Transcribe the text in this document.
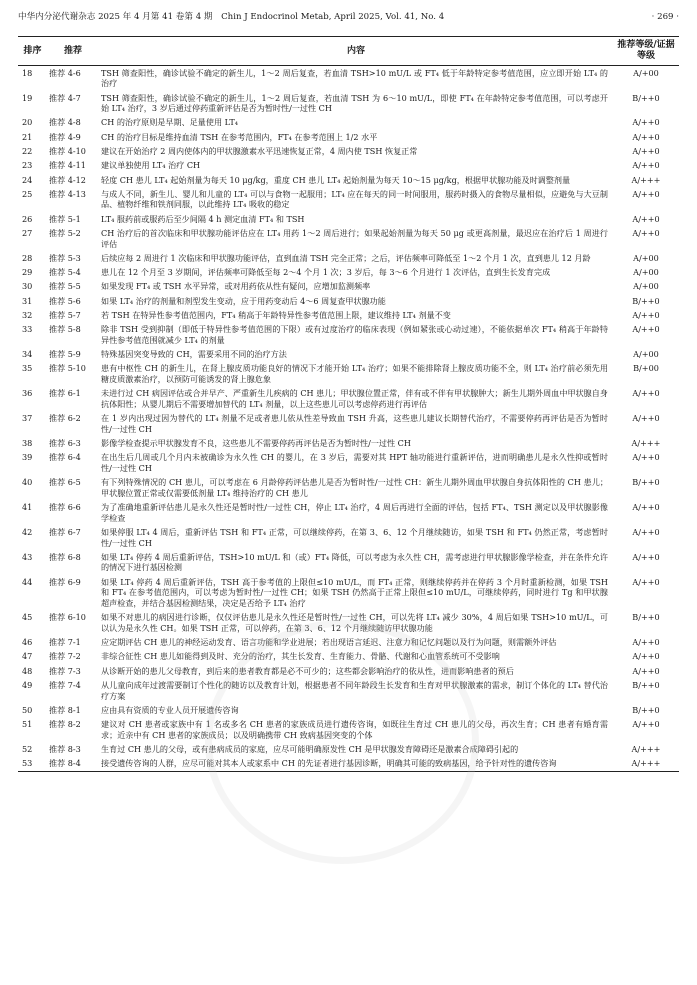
中华内分泌代谢杂志 2025 年 4 月第 41 卷第 4 期　Chin J Endocrinol Metab, April 2025, Vol. 41, No. 4	· 269 ·
排序	推荐	内容	推荐等级/证据等级
18	推荐 4-6	TSH 筛查阳性，确诊试验不确定的新生儿，1～2 周后复查，若血清 TSH>10 mU/L 或 FT₄ 低于年龄特定参考值范围，应立即开始 LT₄ 的治疗	A/+00
19	推荐 4-7	TSH 筛查阳性，确诊试验不确定的新生儿，1～2 周后复查，若血清 TSH 为 6～10 mU/L，即使 FT₄ 在年龄特定参考值范围，可以考虑开始 LT₄ 治疗，3 岁后通过停药重新评估是否为暂时性/一过性 CH	B/++0
20	推荐 4-8	CH 的治疗原则是早期、足量使用 LT₄	A/++0
21	推荐 4-9	CH 的治疗目标是维持血清 TSH 在参考范围内，FT₄ 在参考范围上 1/2 水平	A/++0
22	推荐 4-10	建议在开始治疗 2 周内使体内的甲状腺激素水平迅速恢复正常，4 周内使 TSH 恢复正常	A/++0
23	推荐 4-11	建议单独使用 LT₄ 治疗 CH	A/++0
24	推荐 4-12	轻度 CH 患儿 LT₄ 起始剂量为每天 10 μg/kg，重度 CH 患儿 LT₄ 起始剂量为每天 10～15 μg/kg，根据甲状腺功能及时调整剂量	A/+++
25	推荐 4-13	与成人不同，新生儿、婴儿和儿童的 LT₄ 可以与食物一起服用；LT₄ 应在每天的同一时间服用，服药时摄入的食物尽量相似，应避免与大豆制品、植物纤维和铁剂同服，以此维持 LT₄ 吸收的稳定	A/++0
26	推荐 5-1	LT₄ 服药前或服药后至少间隔 4 h 测定血清 FT₄ 和 TSH	A/++0
27	推荐 5-2	CH 治疗后的首次临床和甲状腺功能评估应在 LT₄ 用药 1～2 周后进行；如果起始剂量为每天 50 μg 或更高剂量，最迟应在治疗后 1 周进行评估	A/++0
28	推荐 5-3	后续应每 2 周进行 1 次临床和甲状腺功能评估，直到血清 TSH 完全正常；之后，评估频率可降低至 1～2 个月 1 次，直到患儿 12 月龄	A/+00
29	推荐 5-4	患儿在 12 个月至 3 岁期间，评估频率可降低至每 2～4 个月 1 次；3 岁后，每 3～6 个月进行 1 次评估，直到生长发育完成	A/+00
30	推荐 5-5	如果发现 FT₄ 或 TSH 水平异常，或对用药依从性有疑问，应增加监测频率	A/+00
31	推荐 5-6	如果 LT₄ 治疗的剂量和剂型发生变动，应于用药变动后 4～6 周复查甲状腺功能	B/++0
32	推荐 5-7	若 TSH 在特异性参考值范围内，FT₄ 稍高于年龄特异性参考值范围上限，建议维持 LT₄ 剂量不变	A/++0
33	推荐 5-8	除非 TSH 受到抑制（即低于特异性参考值范围的下限）或有过度治疗的临床表现（例如紧张或心动过速），不能依据单次 FT₄ 稍高于年龄特异性参考值范围就减少 LT₄ 的剂量	A/++0
34	推荐 5-9	特殊基因突变导致的 CH，需要采用不同的治疗方法	A/+00
35	推荐 5-10	患有中枢性 CH 的新生儿，在肾上腺皮质功能良好的情况下才能开始 LT₄ 治疗；如果不能排除肾上腺皮质功能不全，则 LT₄ 治疗前必须先用糖皮质激素治疗，以预防可能诱发的肾上腺危象	B/+00
36	推荐 6-1	未进行过 CH 病因评估或合并早产、严重新生儿疾病的 CH 患儿；甲状腺位置正常，伴有或不伴有甲状腺肿大；新生儿期外周血中甲状腺自身抗体阳性；从婴儿期后不需要增加替代的 LT₄ 剂量，以上这些患儿可以考虑停药进行再评估	A/++0
37	推荐 6-2	在 1 岁内出现过因为替代的 LT₄ 剂量不足或者患儿依从性差导致血 TSH 升高，这些患儿建议长期替代治疗，不需要停药再评估是否为暂时性/一过性 CH	A/++0
38	推荐 6-3	影像学检查提示甲状腺发育不良，这些患儿不需要停药再评估是否为暂时性/一过性 CH	A/+++
39	推荐 6-4	在出生后几周或几个月内未被确诊为永久性 CH 的婴儿，在 3 岁后，需要对其 HPT 轴功能进行重新评估，进而明确患儿是永久性抑或暂时性/一过性 CH	A/++0
40	推荐 6-5	有下列特殊情况的 CH 患儿，可以考虑在 6 月龄停药评估患儿是否为暂时性/一过性 CH：新生儿期外周血甲状腺自身抗体阳性的 CH 患儿；甲状腺位置正常或仅需要低剂量 LT₄ 维持治疗的 CH 患儿	B/++0
41	推荐 6-6	为了准确地重新评估患儿是永久性还是暂时性/一过性 CH，停止 LT₄ 治疗，4 周后再进行全面的评估，包括 FT₄、TSH 测定以及甲状腺影像学检查	A/++0
42	推荐 6-7	如果停服 LT₄ 4 周后，重新评估 TSH 和 FT₄ 正常，可以继续停药，在第 3、6、12 个月继续随访，如果 TSH 和 FT₄ 仍然正常，考虑暂时性/一过性 CH	A/++0
43	推荐 6-8	如果 LT₄ 停药 4 周后重新评估，TSH>10 mU/L 和（或）FT₄ 降低，可以考虑为永久性 CH，需考虑进行甲状腺影像学检查，并在条件允许的情况下进行基因检测	A/++0
44	推荐 6-9	如果 LT₄ 停药 4 周后重新评估，TSH 高于参考值的上限但≤10 mU/L，而 FT₄ 正常，则继续停药并在停药 3 个月时重新检测，如果 TSH 和 FT₄ 在参考值范围内，可以考虑为暂时性/一过性 CH；如果 TSH 仍然高于正常上限但≤10 mU/L，可继续停药，同时进行 Tg 和甲状腺超声检查，并结合基因检测结果，决定是否给予 LT₄ 治疗	A/++0
45	推荐 6-10	如果不对患儿的病因进行诊断，仅仅评估患儿是永久性还是暂时性/一过性 CH，可以先将 LT₄ 减少 30%，4 周后如果 TSH>10 mU/L，可以认为是永久性 CH。如果 TSH 正常，可以停药，在第 3、6、12 个月继续随访甲状腺功能	B/++0
46	推荐 7-1	应定期评估 CH 患儿的神经运动发育、语言功能和学业进展；若出现语言延迟、注意力和记忆问题以及行为问题，则需额外评估	A/++0
47	推荐 7-2	非综合征性 CH 患儿如能得到及时、充分的治疗，其生长发育、生育能力、骨骼、代谢和心血管系统可不受影响	A/++0
48	推荐 7-3	从诊断开始的患儿父母教育，到后来的患者教育都是必不可少的；这些都会影响治疗的依从性，进而影响患者的预后	A/++0
49	推荐 7-4	从儿童向成年过渡需要制订个性化的随访以及教育计划，根据患者不同年龄段生长发育和生育对甲状腺激素的需求，制订个体化的 LT₄ 替代治疗方案	B/++0
50	推荐 8-1	应由具有资质的专业人员开展遗传咨询	B/++0
51	推荐 8-2	建议对 CH 患者或家族中有 1 名或多名 CH 患者的家族成员进行遗传咨询，如既往生育过 CH 患儿的父母，再次生育；CH 患者有婚育需求；近亲中有 CH 患者的家族成员；以及明确携带 CH 致病基因突变的个体	A/++0
52	推荐 8-3	生育过 CH 患儿的父母，或有患病成员的家庭，应尽可能明确原发性 CH 是甲状腺发育障碍还是激素合成障碍引起的	A/+++
53	推荐 8-4	接受遗传咨询的人群，应尽可能对其本人或家系中 CH 的先证者进行基因诊断，明确其可能的致病基因，给予针对性的遗传咨询	A/+++
